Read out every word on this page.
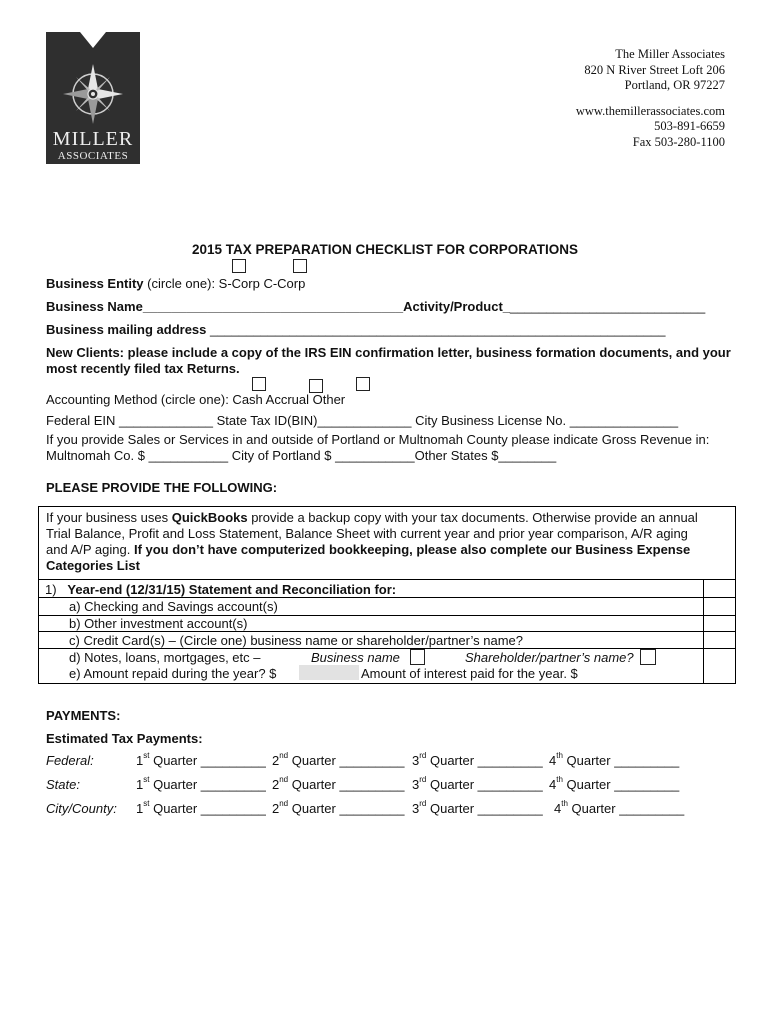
MILLER
ASSOCIATES
The Miller Associates
820 N River Street Loft 206
Portland, OR 97227
www.themillerassociates.com
503-891-6659
Fax 503-280-1100
2015 TAX PREPARATION CHECKLIST FOR CORPORATIONS
Business Entity (circle one): S-Corp C-Corp
Business Name____________________________________Activity/Product____________________________
Business mailing address _______________________________________________________________
New Clients: please include a copy of the IRS EIN confirmation letter, business formation documents, and your
most recently filed tax Returns.
Accounting Method (circle one): Cash Accrual Other
Federal EIN _____________ State Tax ID(BIN)_____________ City Business License No. _______________
If you provide Sales or Services in and outside of Portland or Multnomah County please indicate Gross Revenue in:
Multnomah Co. $ ___________ City of Portland $ ___________Other States $________
PLEASE PROVIDE THE FOLLOWING:
If your business uses QuickBooks provide a backup copy with your tax documents. Otherwise provide an annual
Trial Balance, Profit and Loss Statement, Balance Sheet with current year and prior year comparison, A/R aging
and A/P aging. If you don’t have computerized bookkeeping, please also complete our Business Expense
Categories List
1) Year-end (12/31/15) Statement and Reconciliation for:
a) Checking and Savings account(s)
b) Other investment account(s)
c) Credit Card(s) – (Circle one) business name or shareholder/partner’s name?
d) Notes, loans, mortgages, etc –	Business name	Shareholder/partner’s name?
e) Amount repaid during the year? $	Amount of interest paid for the year. $
PAYMENTS:
Estimated Tax Payments:
Federal:	1st Quarter _________ 2nd Quarter _________ 3rd Quarter _________ 4th Quarter _________
State:	1st Quarter _________ 2nd Quarter _________ 3rd Quarter _________ 4th Quarter _________
City/County: 1st Quarter _________ 2nd Quarter _________ 3rd Quarter _________ 4th Quarter _________
